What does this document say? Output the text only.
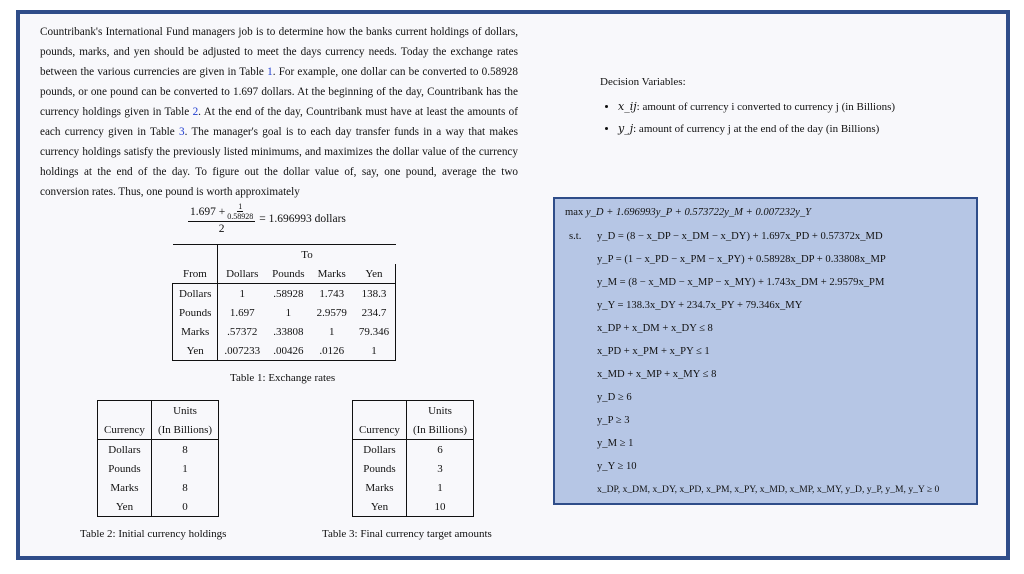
Countribank's International Fund managers job is to determine how the banks current holdings of dollars, pounds, marks, and yen should be adjusted to meet the days currency needs. Today the exchange rates between the various currencies are given in Table 1. For example, one dollar can be converted to 0.58928 pounds, or one pound can be converted to 1.697 dollars. At the beginning of the day, Countribank has the currency holdings given in Table 2. At the end of the day, Countribank must have at least the amounts of each currency given in Table 3. The manager's goal is to each day transfer funds in a way that makes currency holdings satisfy the previously listed minimums, and maximizes the dollar value of the currency holdings at the end of the day. To figure out the dollar value of, say, one pound, average the two conversion rates. Thus, one pound is worth approximately
$\frac{1.697 + \frac{1}{0.58928}}{2} = 1.696993$ dollars
	To			
From	Dollars	Pounds	Marks	Yen
Dollars	1	.58928	1.743	138.3
Pounds	1.697	1	2.9579	234.7
Marks	.57372	.33808	1	79.346
Yen	.007233	.00426	.0126	1
Table 1: Exchange rates
	Units
Currency	(In Billions)
Dollars	8
Pounds	1
Marks	8
Yen	0
Table 2: Initial currency holdings
	Units
Currency	(In Billions)
Dollars	6
Pounds	3
Marks	1
Yen	10
Table 3: Final currency target amounts
Decision Variables:
• x_ij: amount of currency i converted to currency j (in Billions)
• y_j: amount of currency j at the end of the day (in Billions)
max y_D + 1.696993y_P + 0.573722y_M + 0.007232y_Y
s.t. y_D = (8 − x_DP − x_DM − x_DY) + 1.697x_PD + 0.57372x_MD
y_P = (1 − x_PD − x_PM − x_PY) + 0.58928x_DP + 0.33808x_MP
y_M = (8 − x_MD − x_MP − x_MY) + 1.743x_DM + 2.9579x_PM
y_Y = 138.3x_DY + 234.7x_PY + 79.346x_MY
x_DP + x_DM + x_DY ≤ 8
x_PD + x_PM + x_PY ≤ 1
x_MD + x_MP + x_MY ≤ 8
y_D ≥ 6
y_P ≥ 3
y_M ≥ 1
y_Y ≥ 10
x_DP, x_DM, x_DY, x_PD, x_PM, x_PY, x_MD, x_MP, x_MY, y_D, y_P, y_M, y_Y ≥ 0
